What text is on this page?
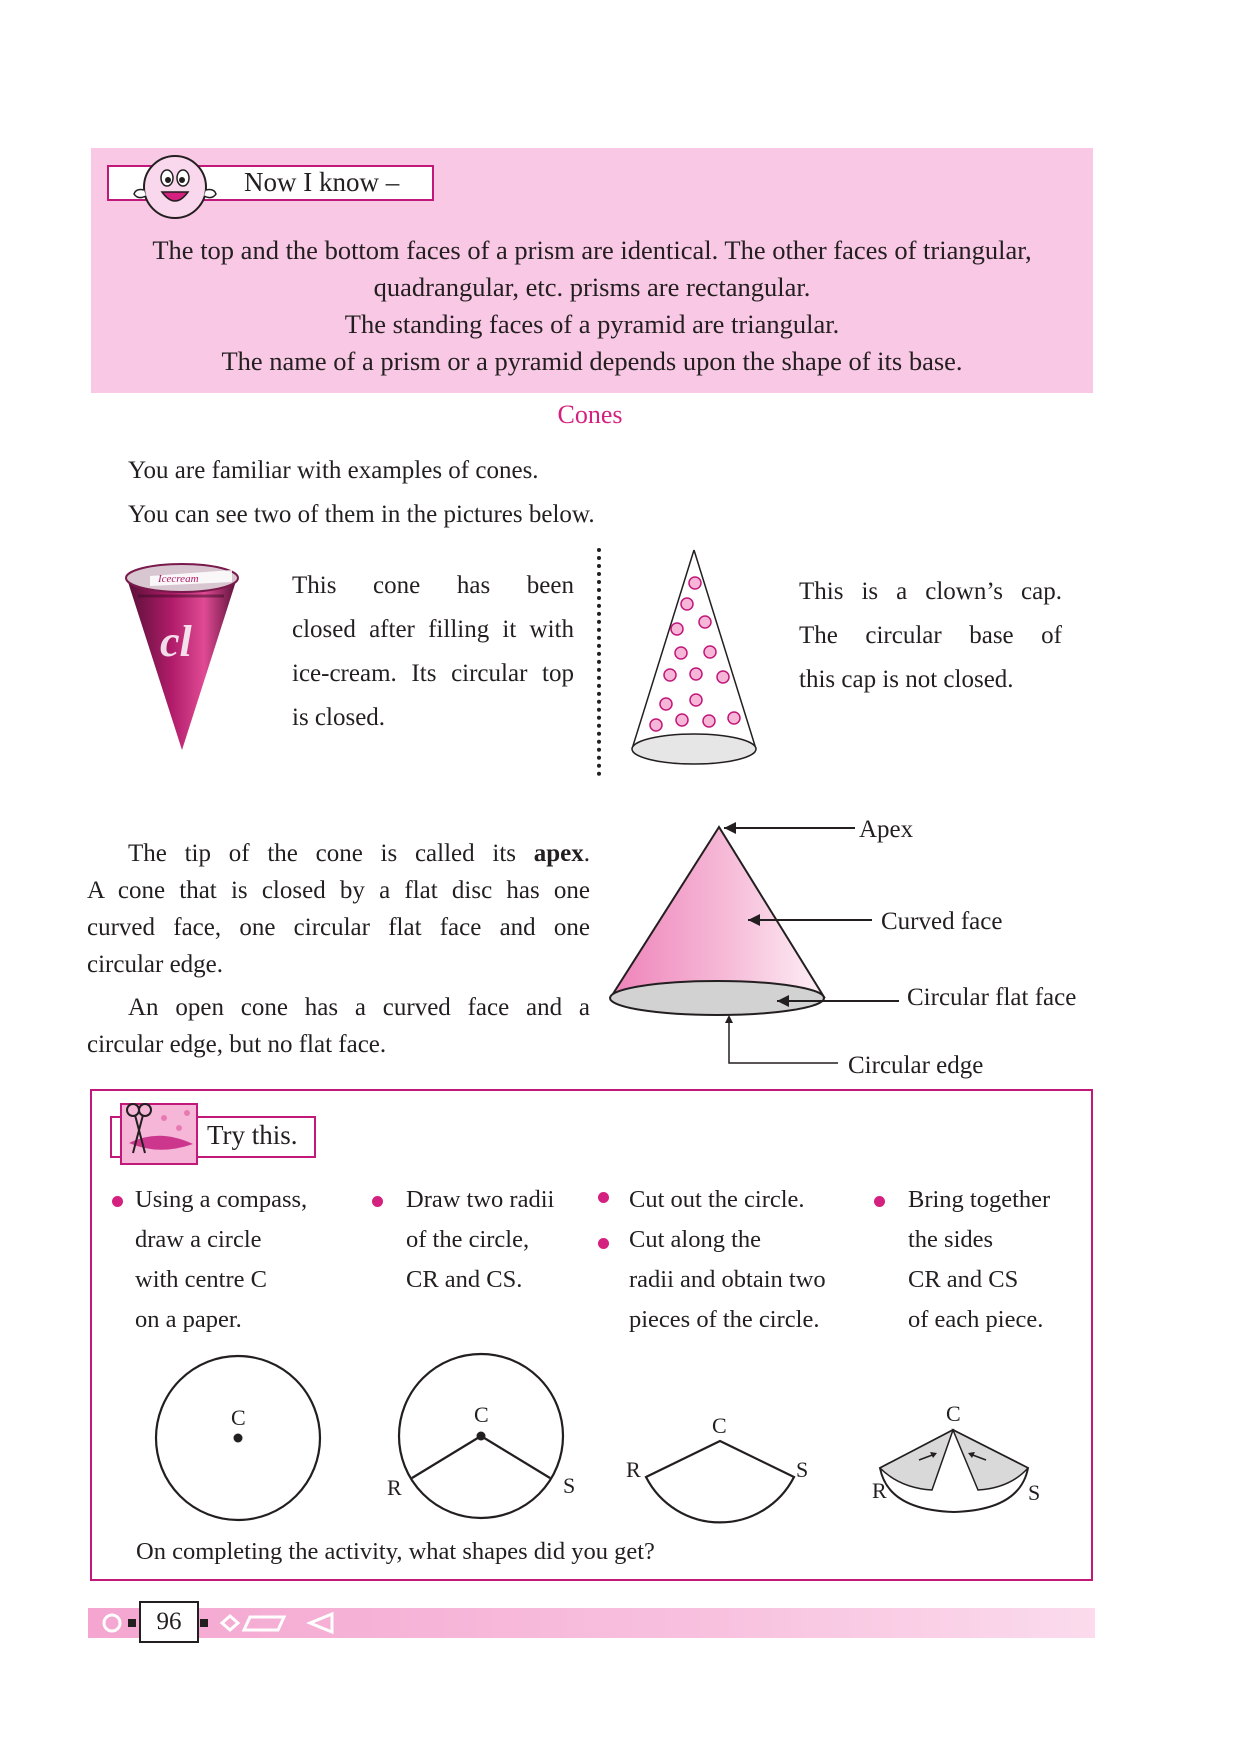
Now I know –
The top and the bottom faces of a prism are identical. The other faces of triangular,
quadrangular, etc. prisms are rectangular.
The standing faces of a pyramid are triangular.
The name of a prism or a pyramid depends upon the shape of its base.
Cones
You are familiar with examples of cones.
You can see two of them in the pictures below.
Icecream
cl
This cone has been
closed after filling it with
ice-cream. Its circular top
is closed.
This is a clown’s cap.
The circular base of
this cap is not closed.
The tip of the cone is called its apex.
A cone that is closed by a flat disc has one
curved face, one circular flat face and one
circular edge.
An open cone has a curved face and a
circular edge, but no flat face.
Apex
Curved face
Circular flat face
Circular edge
Try this.
Using a compass,
draw a circle
with centre C
on a paper.
Draw two radii
of the circle,
CR and CS.
Cut out the circle.
Cut along the
radii and obtain two
pieces of the circle.
Bring together
the sides
CR and CS
of each piece.
C	C
R	S
C
R	S
C
R	S
On completing the activity, what shapes did you get?
96
